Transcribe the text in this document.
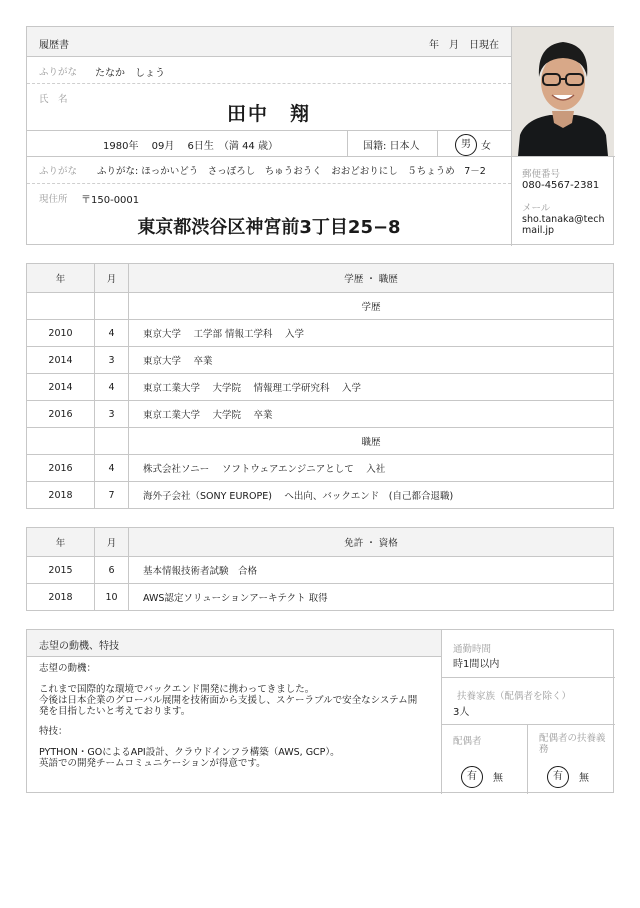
履歴書	年　月　日現在
ふりがな たなか　しょう
氏　名
田中　翔
1980年　 09月　 6日生　（満 44 歳）	国籍: 日本人	男	女
ふりがな ふりがな: ほっかいどう　さっぽろし　ちゅうおうく　おおどおりにし　５ちょうめ　7－2
現住所 〒150-0001
東京都渋谷区神宮前3丁目25−8
郵便番号
080-4567-2381
メール
sho.tanaka@tech
mail.jp
年	月	学歴 ・ 職歴
		学歴
2010	4	東京大学　 工学部 情報工学科　 入学
2014	3	東京大学　 卒業
2014	4	東京工業大学　 大学院　 情報理工学研究科　 入学
2016	3	東京工業大学　 大学院　 卒業
		職歴
2016	4	株式会社ソニー　 ソフトウェアエンジニアとして　 入社
2018	7	海外子会社（SONY EUROPE)　 へ出向、バックエンド　(自己都合退職)
年	月	免許 ・ 資格
2015	6	基本情報技術者試験　合格
2018	10	AWS認定ソリューションアーキテクト 取得
志望の動機、特技
志望の動機：
これまで国際的な環境でバックエンド開発に携わってきました。
今後は日本企業のグローバル展開を技術面から支援し、スケーラブルで安全なシステム開
発を目指したいと考えております。
特技：
PYTHON・GOによるAPI設計、クラウドインフラ構築（AWS, GCP）。
英語での開発チームコミュニケーションが得意です。
通勤時間
時1間以内
扶養家族（配偶者を除く）
3人
配偶者
有	無
配偶者の扶養義務
有	無
